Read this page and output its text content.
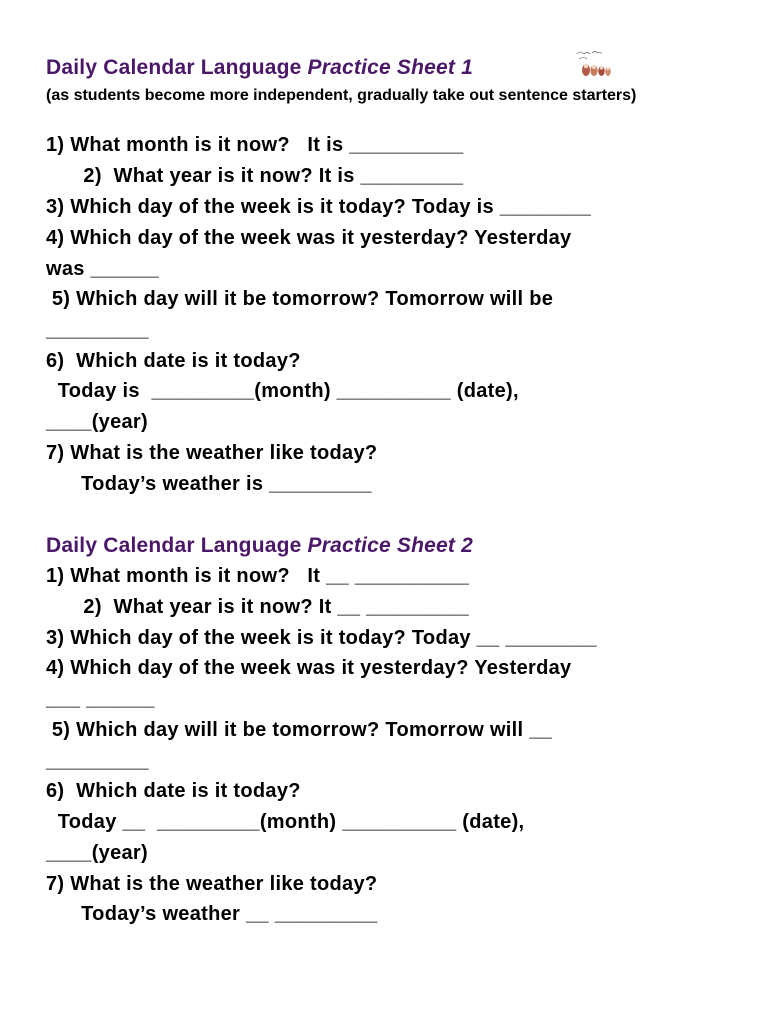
Daily Calendar Language Practice Sheet 1
(as students become more independent, gradually take out sentence starters)
1) What month is it now?   It is __________
2)  What year is it now? It is _________
3) Which day of the week is it today? Today is ________
4) Which day of the week was it yesterday? Yesterday
was ______
5) Which day will it be tomorrow? Tomorrow will be
_________
6)  Which date is it today?
Today is  _________(month) __________ (date),
____(year)
7) What is the weather like today?
Today’s weather is _________
Daily Calendar Language Practice Sheet 2
1) What month is it now?   It __ __________
2)  What year is it now? It __ _________
3) Which day of the week is it today? Today __ ________
4) Which day of the week was it yesterday? Yesterday
___ ______
5) Which day will it be tomorrow? Tomorrow will __
_________
6)  Which date is it today?
Today __  _________(month) __________ (date),
____(year)
7) What is the weather like today?
Today’s weather __ _________
